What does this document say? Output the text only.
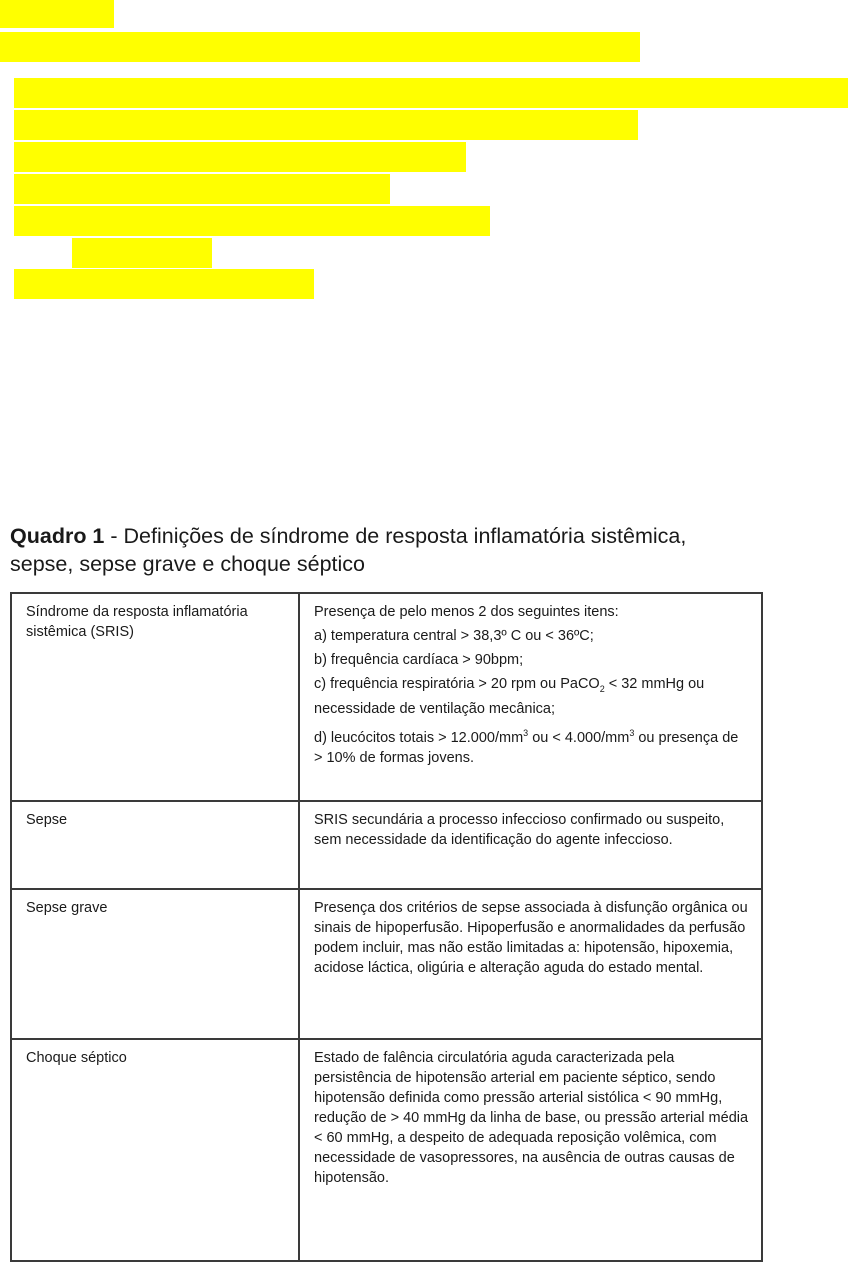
Quadro 1 - Definições de síndrome de resposta inflamatória sistêmica,
sepse, sepse grave e choque séptico
Síndrome da resposta inflamatória sistêmica (SRIS)	Presença de pelo menos 2 dos seguintes itens:

a) temperatura central > 38,3º C ou < 36ºC;

b) frequência cardíaca > 90bpm;

c) frequência respiratória > 20 rpm ou PaCO$_2$ < 32 mmHg ou necessidade de ventilação mecânica;

d) leucócitos totais > $12.000/mm^3$ ou < $4.000/mm^3$ ou presença de > 10% de formas jovens.

Sepse	SRIS secundária a processo infeccioso confirmado ou suspeito, sem necessidade da identificação do agente infeccioso.
Sepse grave	Presença dos critérios de sepse associada à disfunção orgânica ou sinais de hipoperfusão. Hipoperfusão e anormalidades da perfusão podem incluir, mas não estão limitadas a: hipotensão, hipoxemia, acidose láctica, oligúria e alteração aguda do estado mental.
Choque séptico	Estado de falência circulatória aguda caracterizada pela persistência de hipotensão arterial em paciente séptico, sendo hipotensão definida como pressão arterial sistólica < 90 mmHg, redução de > 40 mmHg da linha de base, ou pressão arterial média < 60 mmHg, a despeito de adequada reposição volêmica, com necessidade de vasopressores, na ausência de outras causas de hipotensão.
